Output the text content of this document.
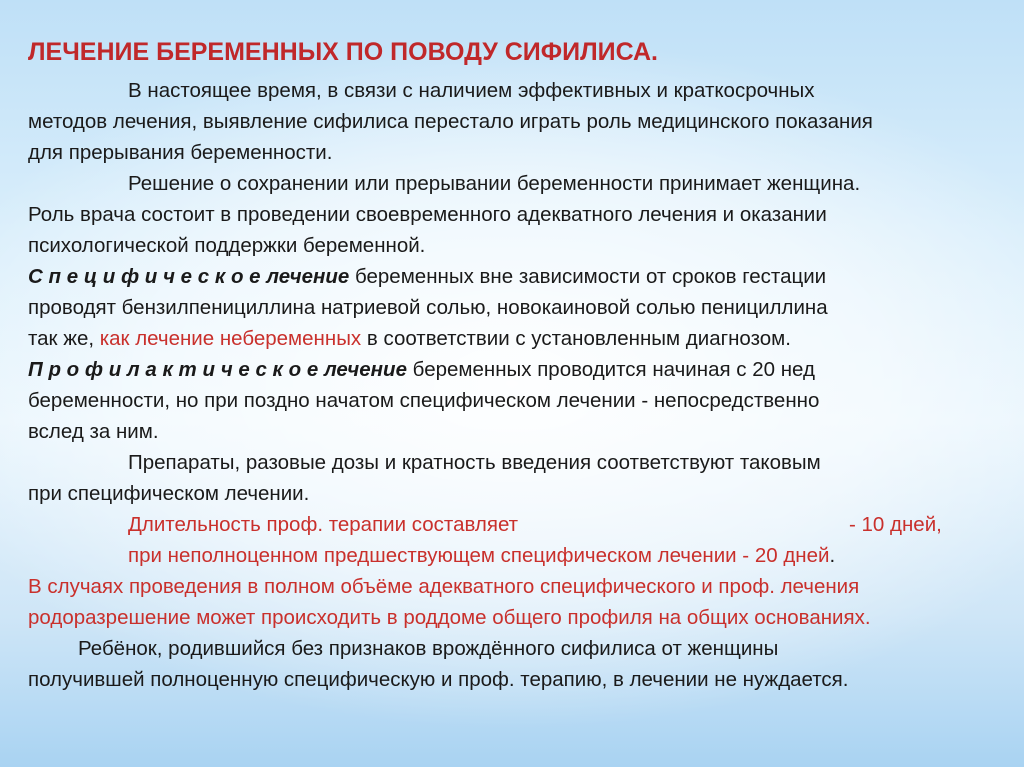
ЛЕЧЕНИЕ БЕРЕМЕННЫХ ПО ПОВОДУ СИФИЛИСА.
В настоящее время, в связи с наличием эффективных и краткосрочных
методов лечения, выявление сифилиса перестало играть роль медицинского показания
для прерывания беременности.
Решение о сохранении или прерывании беременности принимает женщина.
Роль врача состоит в проведении своевременного адекватного лечения и оказании
психологической поддержки беременной.
С п е ц и ф и ч е с к о е лечение беременных вне зависимости от сроков гестации
проводят бензилпенициллина натриевой солью, новокаиновой солью пенициллина
так же, как лечение небеременных в соответствии с установленным диагнозом.
П р о ф и л а к т и ч е с к о е лечение беременных проводится начиная с 20 нед
беременности, но при поздно начатом специфическом лечении - непосредственно
вслед за ним.
Препараты, разовые дозы и кратность введения соответствуют таковым
при специфическом лечении.
Длительность проф. терапии составляет	- 10 дней,
при неполноценном предшествующем специфическом лечении - 20 дней.
В случаях проведения в полном объёме адекватного специфического и проф. лечения
родоразрешение может происходить в роддоме общего профиля на общих основаниях.
Ребёнок, родившийся без признаков врождённого сифилиса от женщины
получившей полноценную специфическую и проф. терапию, в лечении не нуждается.
